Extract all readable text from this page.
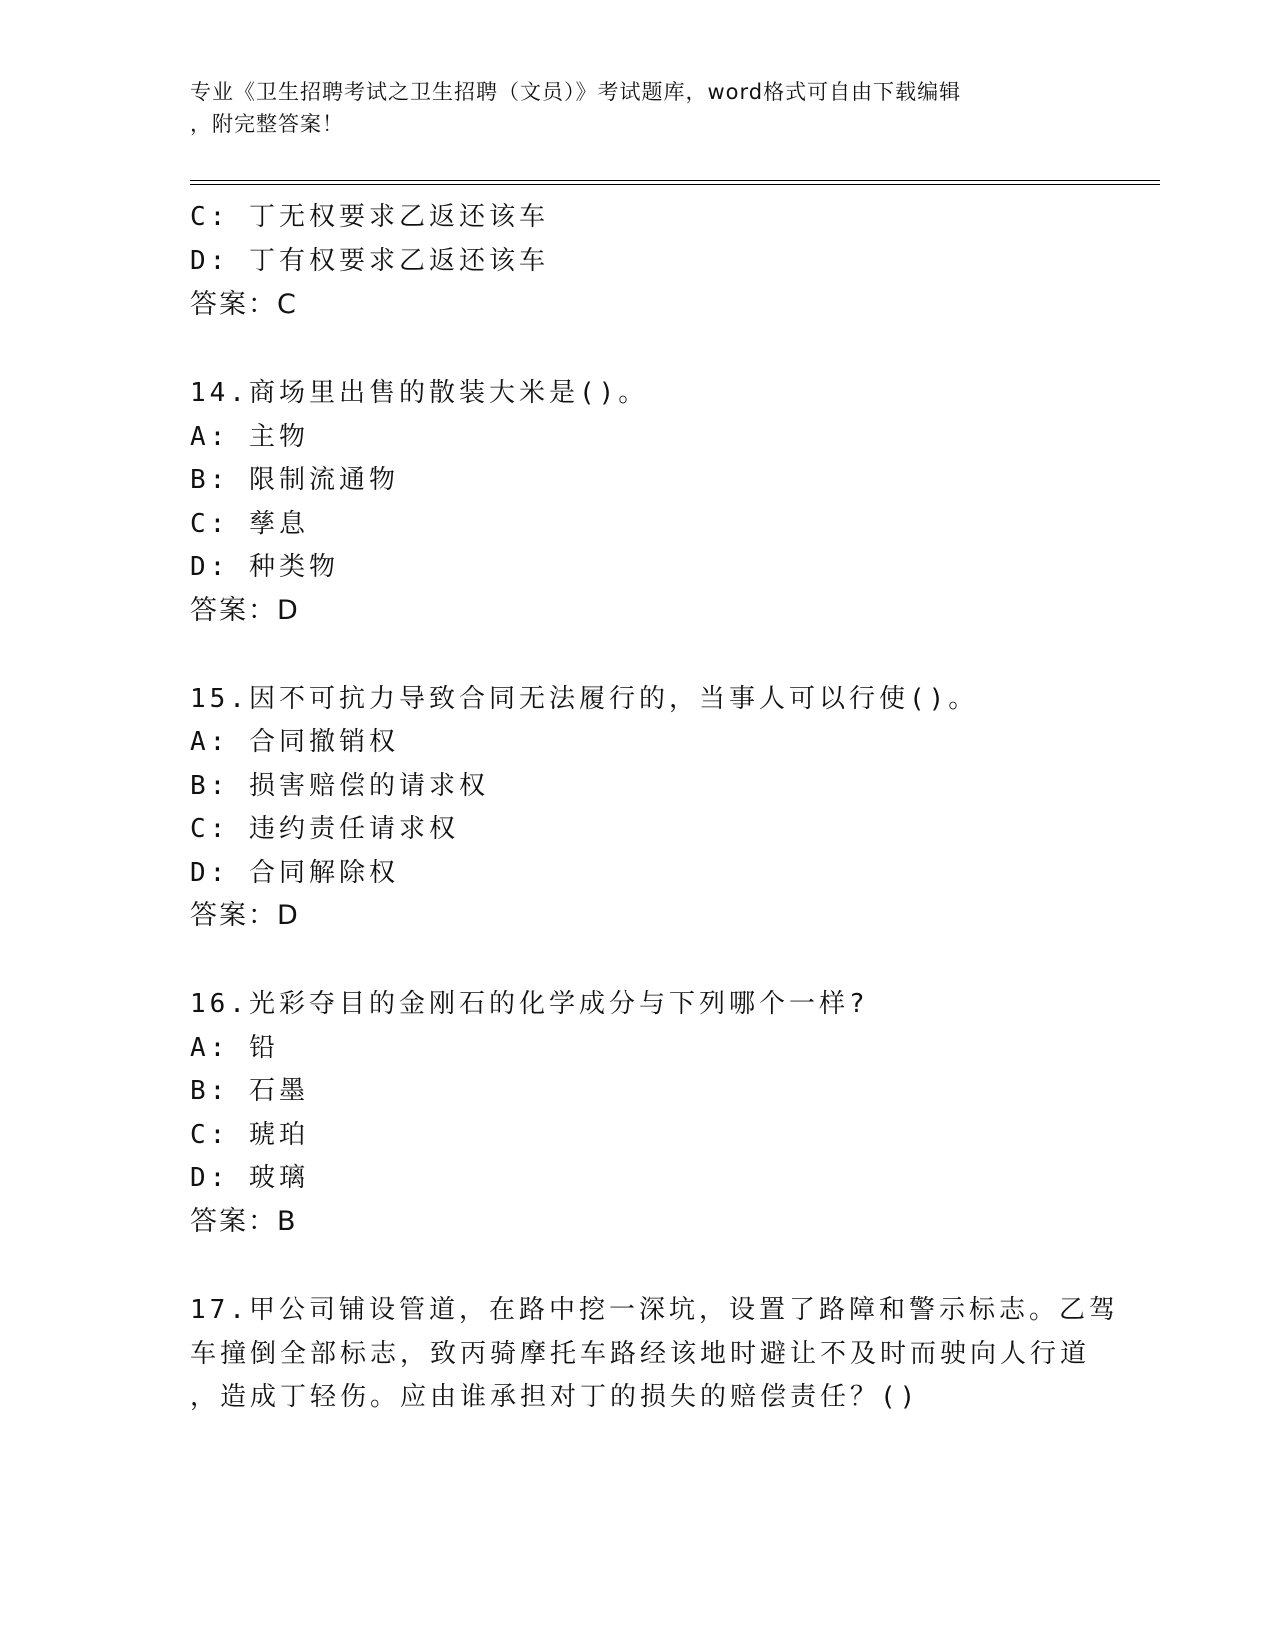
专业《卫生招聘考试之卫生招聘（文员）》考试题库，word格式可自由下载编辑
，附完整答案！
C: 丁无权要求乙返还该车
D: 丁有权要求乙返还该车
答案：C
14.商场里出售的散装大米是()。
A: 主物
B: 限制流通物
C: 孳息
D: 种类物
答案：D
15.因不可抗力导致合同无法履行的，当事人可以行使()。
A: 合同撤销权
B: 损害赔偿的请求权
C: 违约责任请求权
D: 合同解除权
答案：D
16.光彩夺目的金刚石的化学成分与下列哪个一样?
A: 铅
B: 石墨
C: 琥珀
D: 玻璃
答案：B
17.甲公司铺设管道，在路中挖一深坑，设置了路障和警示标志。乙驾
车撞倒全部标志，致丙骑摩托车路经该地时避让不及时而驶向人行道
，造成丁轻伤。应由谁承担对丁的损失的赔偿责任？()
